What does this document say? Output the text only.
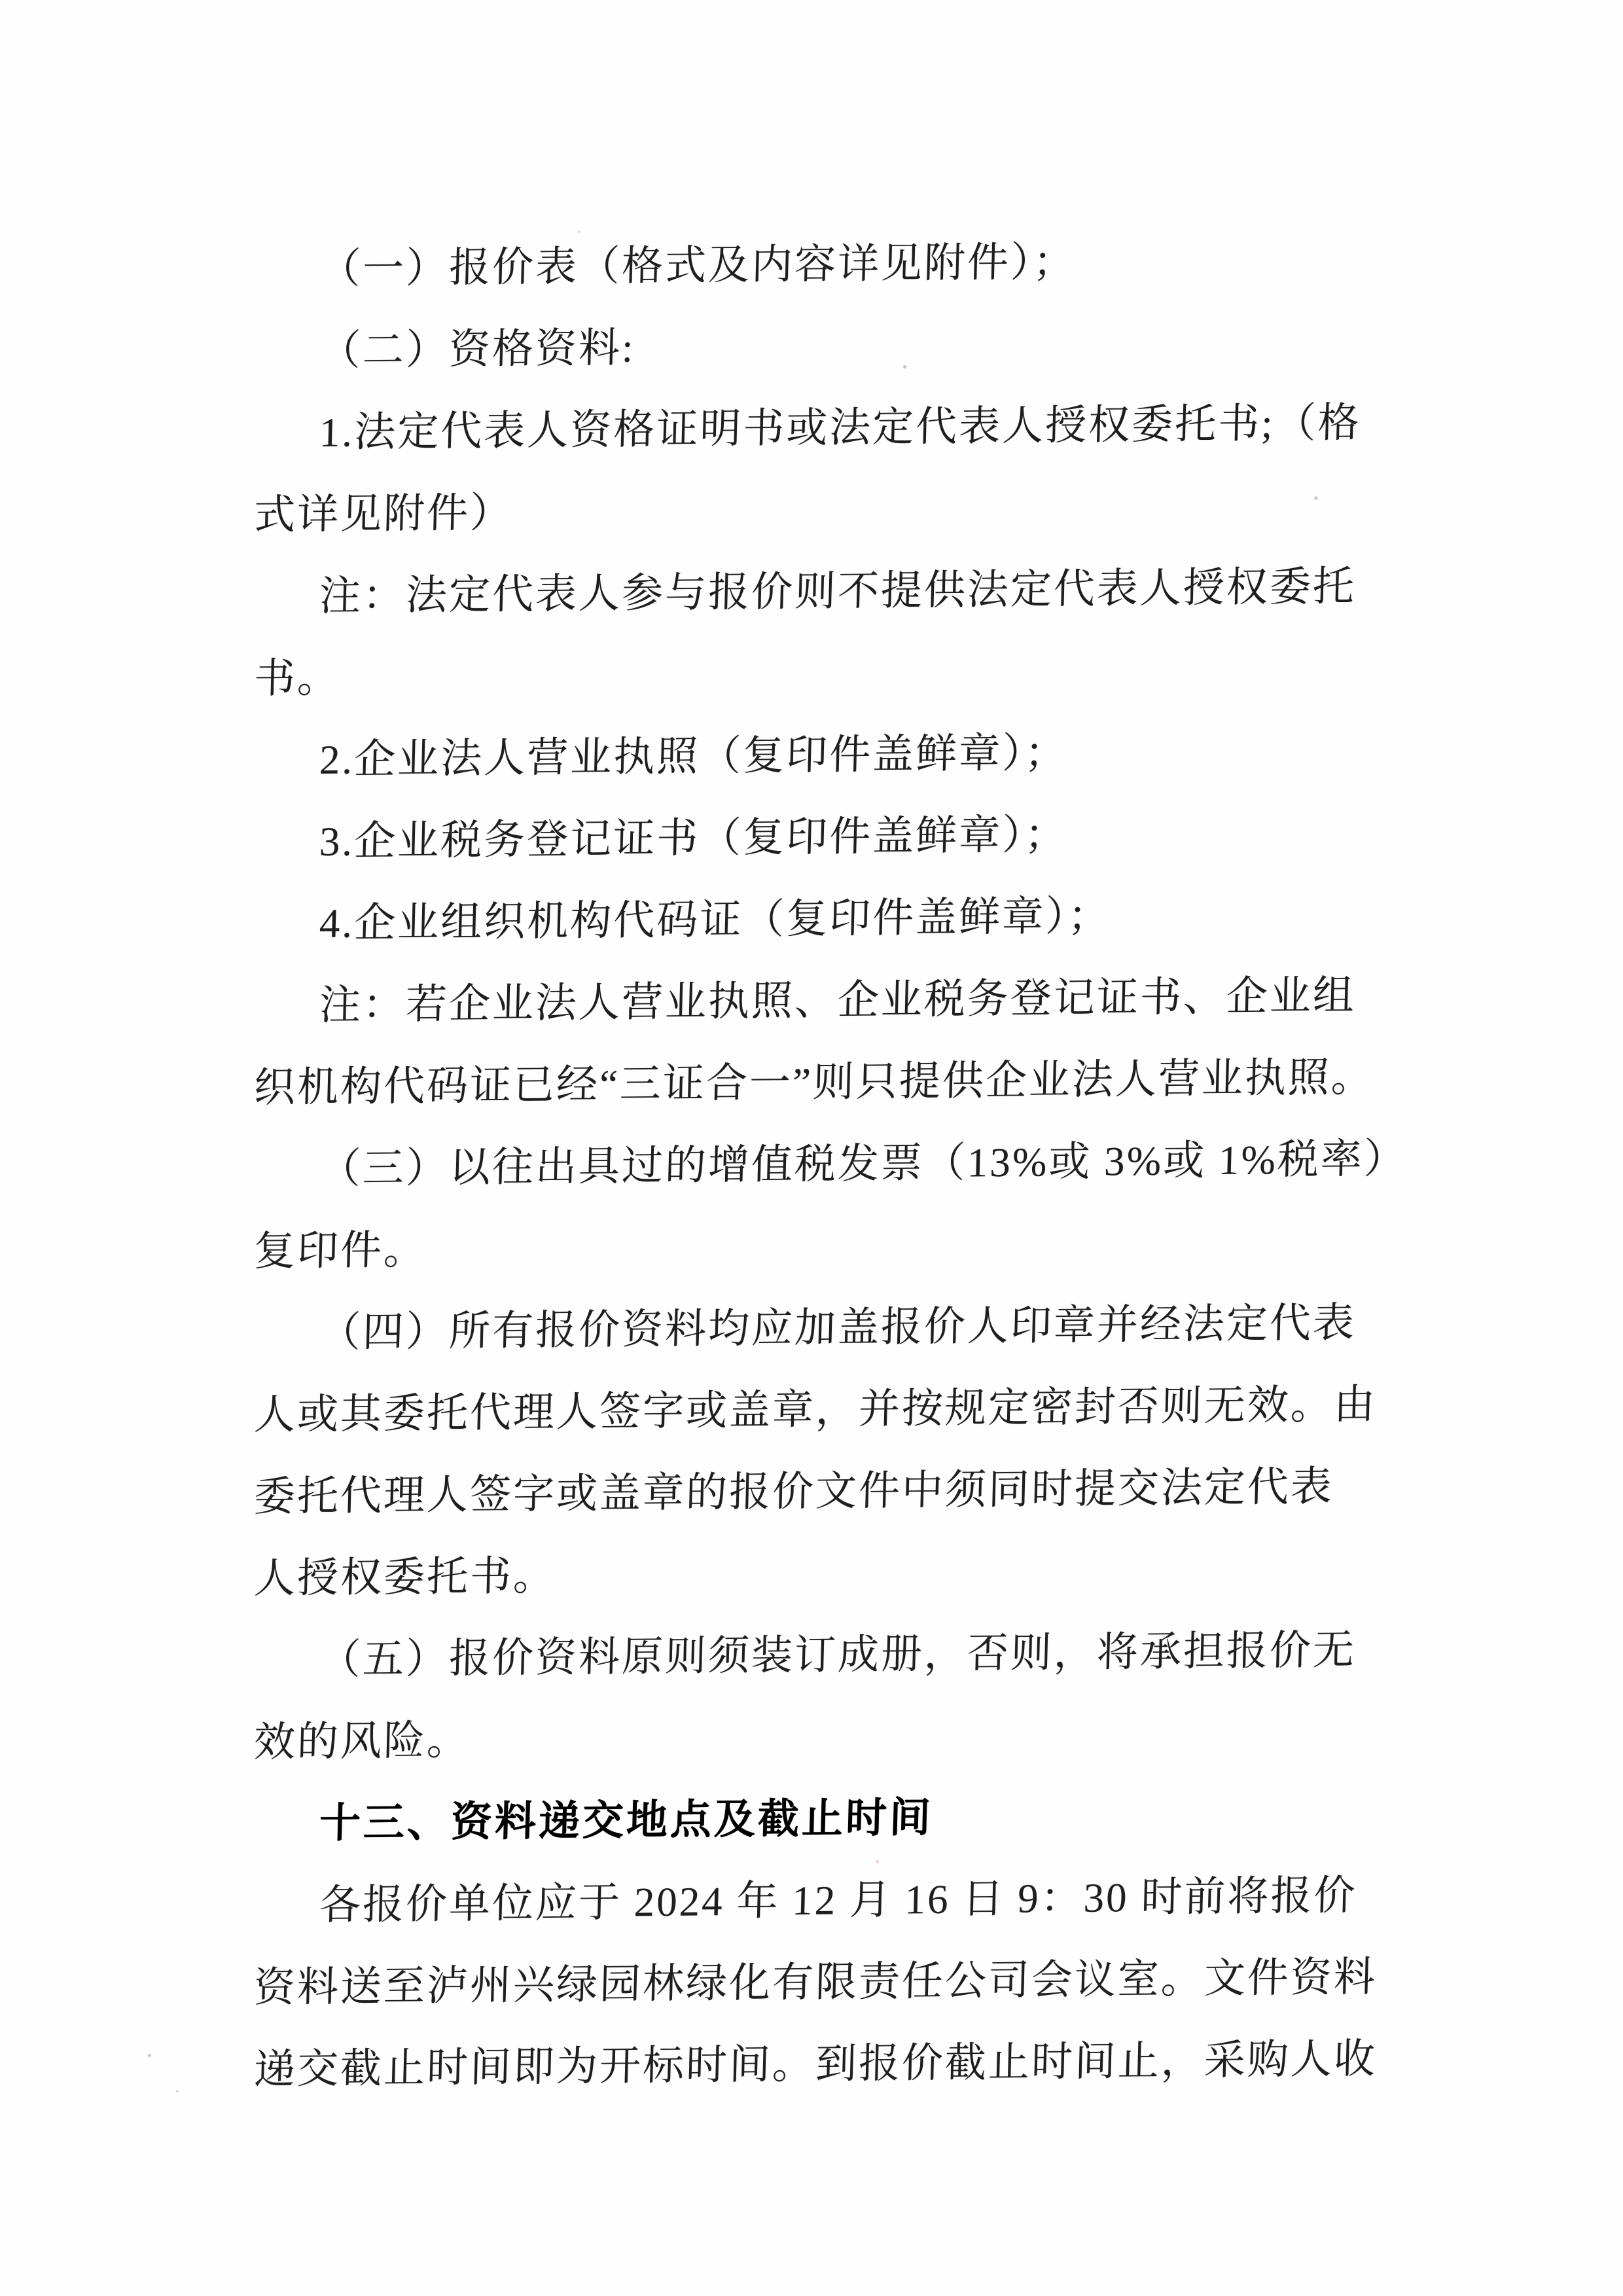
（一）报价表（格式及内容详见附件）；
（二）资格资料:
1.法定代表人资格证明书或法定代表人授权委托书;（格
式详见附件）
注：法定代表人参与报价则不提供法定代表人授权委托
书。
2.企业法人营业执照（复印件盖鲜章）；
3.企业税务登记证书（复印件盖鲜章）；
4.企业组织机构代码证（复印件盖鲜章）；
注：若企业法人营业执照、企业税务登记证书、企业组
织机构代码证已经“三证合一”则只提供企业法人营业执照。
（三）以往出具过的增值税发票（13%或 3%或 1%税率）
复印件。
（四）所有报价资料均应加盖报价人印章并经法定代表
人或其委托代理人签字或盖章，并按规定密封否则无效。由
委托代理人签字或盖章的报价文件中须同时提交法定代表
人授权委托书。
（五）报价资料原则须装订成册，否则，将承担报价无
效的风险。
十三、资料递交地点及截止时间
各报价单位应于 2024 年 12 月 16 日 9：30 时前将报价
资料送至泸州兴绿园林绿化有限责任公司会议室。文件资料
递交截止时间即为开标时间。到报价截止时间止，采购人收
